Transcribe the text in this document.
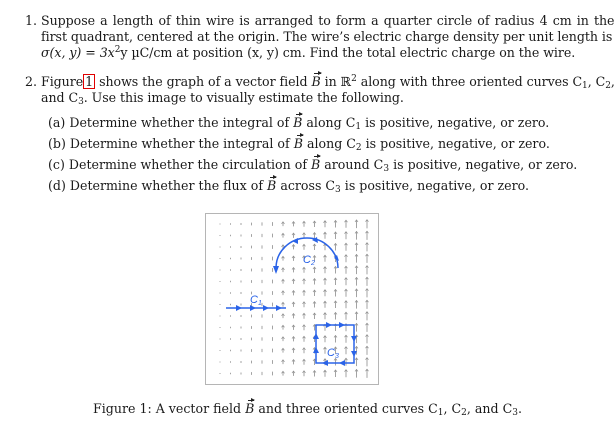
1. Suppose a length of thin wire is arranged to form a quarter circle of radius 4 cm in the
first quadrant, centered at the origin. The wire’s electric charge density per unit length is
σ(x, $y) = 3x^2y$ µC/cm at position (x, y) cm. Find the total electric charge on the wire.
2. Figure 1 shows the graph of a vector field B in ℝ$^2$ along with three oriented curves $C_1$, $C_2$,
and $C_3$. Use this image to visually estimate the following.
(a) Determine whether the integral of B along $C_1$ is positive, negative, or zero.
(b) Determine whether the integral of B along $C_2$ is positive, negative, or zero.
(c) Determine whether the circulation of B around $C_3$ is positive, negative, or zero.
(d) Determine whether the flux of B across $C_3$ is positive, negative, or zero.
C1
C2
C3
Figure 1: A vector field B and three oriented curves $C_1$, $C_2$, and $C_3$.
